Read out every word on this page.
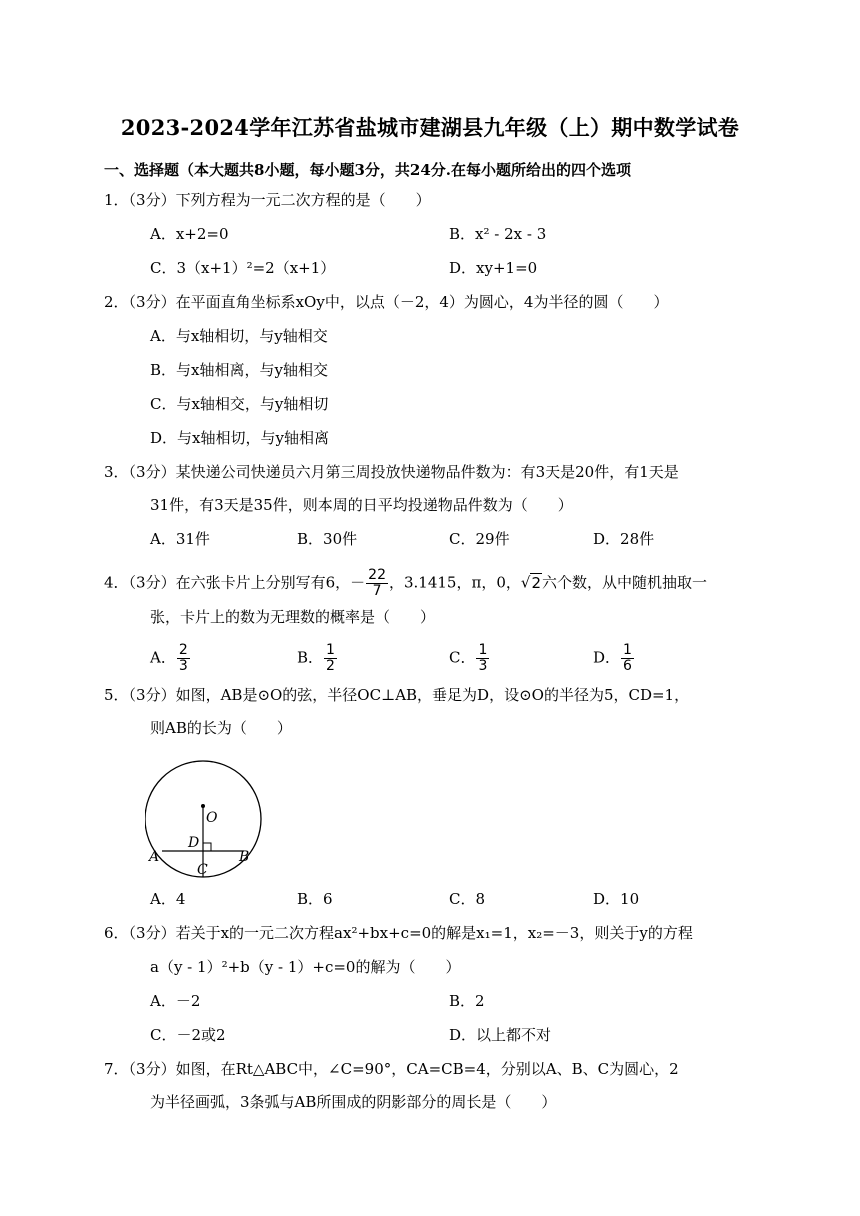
2023-2024学年江苏省盐城市建湖县九年级（上）期中数学试卷
一、选择题（本大题共8小题，每小题3分，共24分.在每小题所给出的四个选项
1．（3分）下列方程为一元二次方程的是（　　）
A．x+2=0	B．x² - 2x - 3
C．3（x+1）²=2（x+1）	D．xy+1=0
2．（3分）在平面直角坐标系xOy中，以点（－2，4）为圆心，4为半径的圆（　　）
A．与x轴相切，与y轴相交
B．与x轴相离，与y轴相交
C．与x轴相交，与y轴相切
D．与x轴相切，与y轴相离
3．（3分）某快递公司快递员六月第三周投放快递物品件数为：有3天是20件，有1天是
31件，有3天是35件，则本周的日平均投递物品件数为（　　）
A．31件	B．30件	C．29件	D．28件
4．（3分）在六张卡片上分别写有6，－ $\frac{22}{7}$ ，3.1415，π，0，√2六个数，从中随机抽取一
张，卡片上的数为无理数的概率是（　　）
A． $\frac{2}{3}$	B． $\frac{1}{2}$	C． $\frac{1}{3}$	D． $\frac{1}{6}$
5．（3分）如图，AB是⊙O的弦，半径OC⊥AB，垂足为D，设⊙O的半径为5，CD=1，
则AB的长为（　　）
O
D
A	B
C
A．4	B．6	C．8	D．10
6．（3分）若关于x的一元二次方程ax²+bx+c=0的解是x₁=1，x₂=－3，则关于y的方程
a（y - 1）²+b（y - 1）+c=0的解为（　　）
A．－2	B．2
C．－2或2	D．以上都不对
7．（3分）如图，在Rt△ABC中，∠C=90°，CA=CB=4，分别以A、B、C为圆心，2
为半径画弧，3条弧与AB所围成的阴影部分的周长是（　　）
